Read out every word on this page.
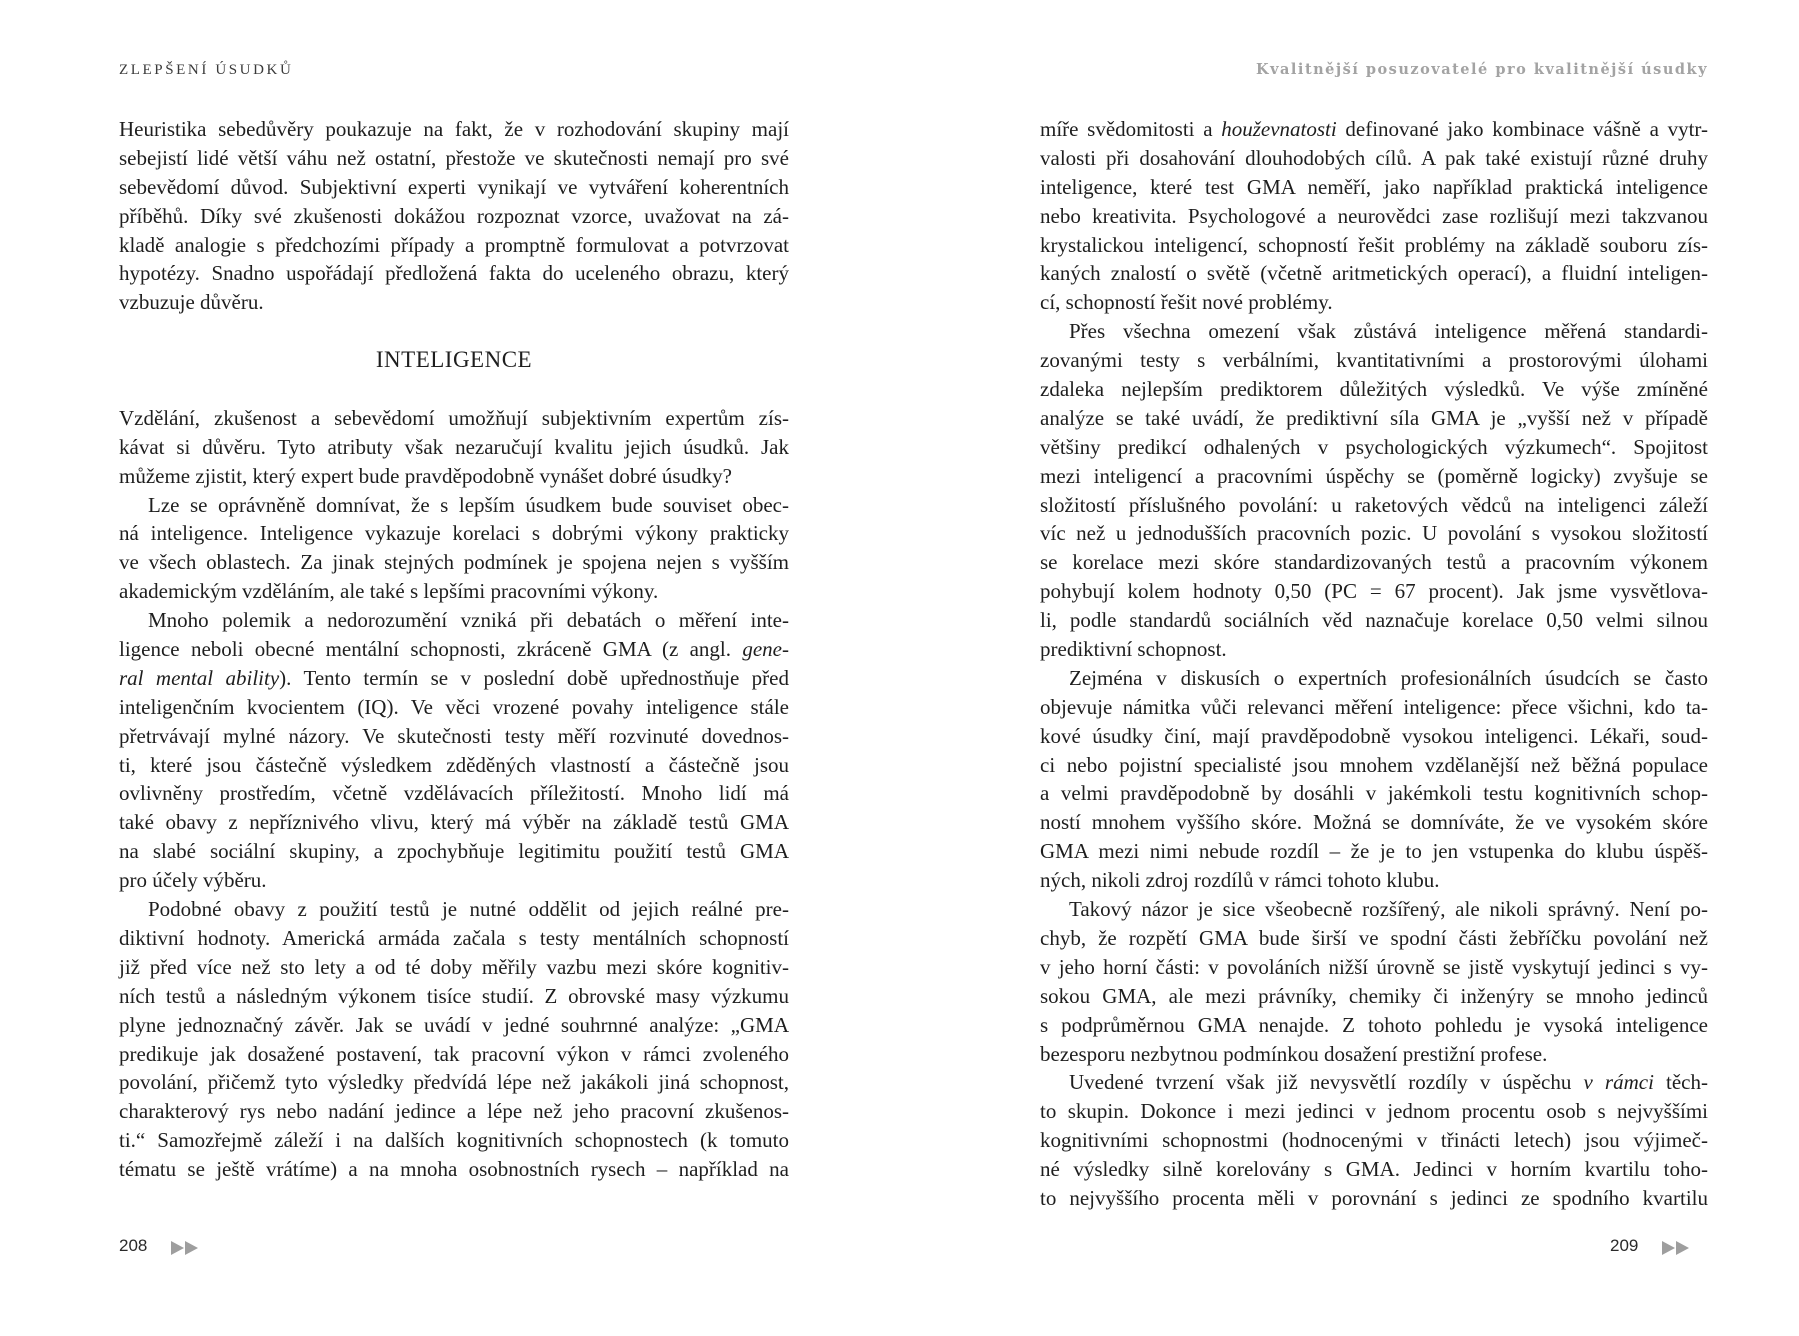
ZLEPŠENÍ ÚSUDKŮ
Heuristika sebedůvěry poukazuje na fakt, že v rozhodování skupiny mají
sebejistí lidé větší váhu než ostatní, přestože ve skutečnosti nemají pro své
sebevědomí důvod. Subjektivní experti vynikají ve vytváření koherentních
příběhů. Díky své zkušenosti dokážou rozpoznat vzorce, uvažovat na zá-
kladě analogie s předchozími případy a promptně formulovat a potvrzovat
hypotézy. Snadno uspořádají předložená fakta do uceleného obrazu, který
vzbuzuje důvěru.
INTELIGENCE
Vzdělání, zkušenost a sebevědomí umožňují subjektivním expertům zís-
kávat si důvěru. Tyto atributy však nezaručují kvalitu jejich úsudků. Jak
můžeme zjistit, který expert bude pravděpodobně vynášet dobré úsudky?
Lze se oprávněně domnívat, že s lepším úsudkem bude souviset obec-
ná inteligence. Inteligence vykazuje korelaci s dobrými výkony prakticky
ve všech oblastech. Za jinak stejných podmínek je spojena nejen s vyšším
akademickým vzděláním, ale také s lepšími pracovními výkony.
Mnoho polemik a nedorozumění vzniká při debatách o měření inte-
ligence neboli obecné mentální schopnosti, zkráceně GMA (z angl. gene-
ral mental ability). Tento termín se v poslední době upřednostňuje před
inteligenčním kvocientem (IQ). Ve věci vrozené povahy inteligence stále
přetrvávají mylné názory. Ve skutečnosti testy měří rozvinuté dovednos-
ti, které jsou částečně výsledkem zděděných vlastností a částečně jsou
ovlivněny prostředím, včetně vzdělávacích příležitostí. Mnoho lidí má
také obavy z nepříznivého vlivu, který má výběr na základě testů GMA
na slabé sociální skupiny, a zpochybňuje legitimitu použití testů GMA
pro účely výběru.
Podobné obavy z použití testů je nutné oddělit od jejich reálné pre-
diktivní hodnoty. Americká armáda začala s testy mentálních schopností
již před více než sto lety a od té doby měřily vazbu mezi skóre kognitiv-
ních testů a následným výkonem tisíce studií. Z obrovské masy výzkumu
plyne jednoznačný závěr. Jak se uvádí v jedné souhrnné analýze: „GMA
predikuje jak dosažené postavení, tak pracovní výkon v rámci zvoleného
povolání, přičemž tyto výsledky předvídá lépe než jakákoli jiná schopnost,
charakterový rys nebo nadání jedince a lépe než jeho pracovní zkušenos-
ti.“ Samozřejmě záleží i na dalších kognitivních schopnostech (k tomuto
tématu se ještě vrátíme) a na mnoha osobnostních rysech – například na
208
Kvalitnější posuzovatelé pro kvalitnější úsudky
míře svědomitosti a houževnatosti definované jako kombinace vášně a vytr-
valosti při dosahování dlouhodobých cílů. A pak také existují různé druhy
inteligence, které test GMA neměří, jako například praktická inteligence
nebo kreativita. Psychologové a neurovědci zase rozlišují mezi takzvanou
krystalickou inteligencí, schopností řešit problémy na základě souboru zís-
kaných znalostí o světě (včetně aritmetických operací), a fluidní inteligen-
cí, schopností řešit nové problémy.
Přes všechna omezení však zůstává inteligence měřená standardi-
zovanými testy s verbálními, kvantitativními a prostorovými úlohami
zdaleka nejlepším prediktorem důležitých výsledků. Ve výše zmíněné
analýze se také uvádí, že prediktivní síla GMA je „vyšší než v případě
většiny predikcí odhalených v psychologických výzkumech“. Spojitost
mezi inteligencí a pracovními úspěchy se (poměrně logicky) zvyšuje se
složitostí příslušného povolání: u raketových vědců na inteligenci záleží
víc než u jednodušších pracovních pozic. U povolání s vysokou složitostí
se korelace mezi skóre standardizovaných testů a pracovním výkonem
pohybují kolem hodnoty 0,50 (PC = 67 procent). Jak jsme vysvětlova-
li, podle standardů sociálních věd naznačuje korelace 0,50 velmi silnou
prediktivní schopnost.
Zejména v diskusích o expertních profesionálních úsudcích se často
objevuje námitka vůči relevanci měření inteligence: přece všichni, kdo ta-
kové úsudky činí, mají pravděpodobně vysokou inteligenci. Lékaři, soud-
ci nebo pojistní specialisté jsou mnohem vzdělanější než běžná populace
a velmi pravděpodobně by dosáhli v jakémkoli testu kognitivních schop-
ností mnohem vyššího skóre. Možná se domníváte, že ve vysokém skóre
GMA mezi nimi nebude rozdíl – že je to jen vstupenka do klubu úspěš-
ných, nikoli zdroj rozdílů v rámci tohoto klubu.
Takový názor je sice všeobecně rozšířený, ale nikoli správný. Není po-
chyb, že rozpětí GMA bude širší ve spodní části žebříčku povolání než
v jeho horní části: v povoláních nižší úrovně se jistě vyskytují jedinci s vy-
sokou GMA, ale mezi právníky, chemiky či inženýry se mnoho jedinců
s podprůměrnou GMA nenajde. Z tohoto pohledu je vysoká inteligence
bezesporu nezbytnou podmínkou dosažení prestižní profese.
Uvedené tvrzení však již nevysvětlí rozdíly v úspěchu v rámci těch-
to skupin. Dokonce i mezi jedinci v jednom procentu osob s nejvyššími
kognitivními schopnostmi (hodnocenými v třinácti letech) jsou výjimeč-
né výsledky silně korelovány s GMA. Jedinci v horním kvartilu toho-
to nejvyššího procenta měli v porovnání s jedinci ze spodního kvartilu
209
